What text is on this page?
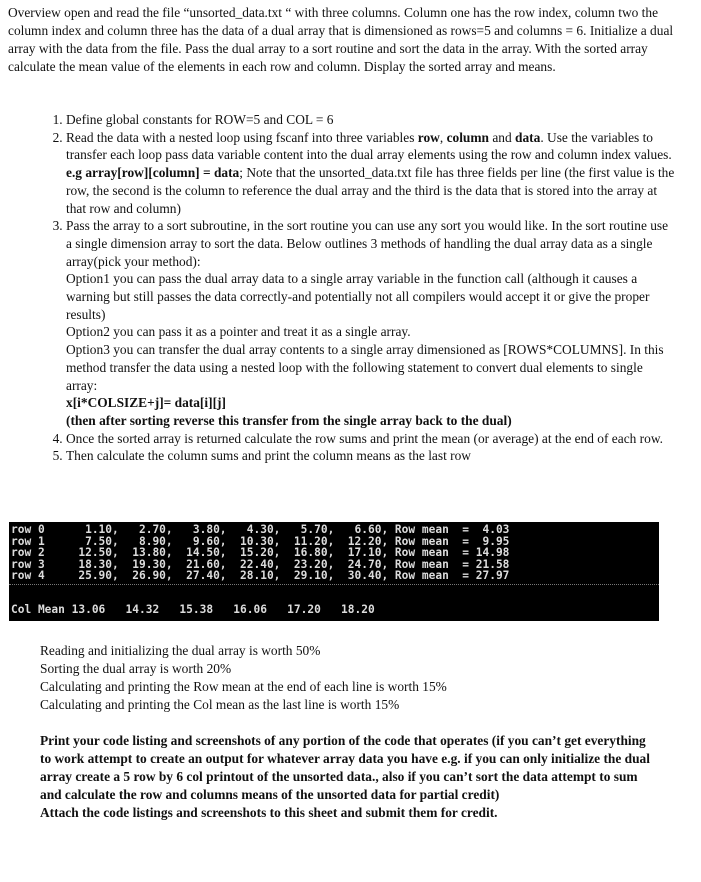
Overview open and read the file “unsorted_data.txt “ with three columns. Column one has the row index, column two the column index and column three has the data of a dual array that is dimensioned as rows=5 and columns = 6. Initialize a dual array with the data from the file. Pass the dual array to a sort routine and sort the data in the array. With the sorted array calculate the mean value of the elements in each row and column. Display the sorted array and means.
1. Define global constants for ROW=5 and COL = 6
2. Read the data with a nested loop using fscanf into three variables row, column and data. Use the variables to transfer each loop pass data variable content into the dual array elements using the row and column index values.
e.g array[row][column] = data; Note that the unsorted_data.txt file has three fields per line (the first value is the row, the second is the column to reference the dual array and the third is the data that is stored into the array at that row and column)
3. Pass the array to a sort subroutine, in the sort routine you can use any sort you would like. In the sort routine use a single dimension array to sort the data. Below outlines 3 methods of handling the dual array data as a single array(pick your method):
Option1 you can pass the dual array data to a single array variable in the function call (although it causes a warning but still passes the data correctly-and potentially not all compilers would accept it or give the proper results)
Option2 you can pass it as a pointer and treat it as a single array.
Option3 you can transfer the dual array contents to a single array dimensioned as [ROWS*COLUMNS]. In this method transfer the data using a nested loop with the following statement to convert dual elements to single array:
x[i*COLSIZE+j]= data[i][j]
(then after sorting reverse this transfer from the single array back to the dual)
4. Once the sorted array is returned calculate the row sums and print the mean (or average) at the end of each row.
5. Then calculate the column sums and print the column means as the last row
row 0      1.10,   2.70,   3.80,   4.30,   5.70,   6.60, Row mean  =  4.03
row 1      7.50,   8.90,   9.60,  10.30,  11.20,  12.20, Row mean  =  9.95
row 2     12.50,  13.80,  14.50,  15.20,  16.80,  17.10, Row mean  = 14.98
row 3     18.30,  19.30,  21.60,  22.40,  23.20,  24.70, Row mean  = 21.58
row 4     25.90,  26.90,  27.40,  28.10,  29.10,  30.40, Row mean  = 27.97
Col Mean 13.06   14.32   15.38   16.06   17.20   18.20
Reading and initializing the dual array is worth 50%
Sorting the dual array is worth 20%
Calculating and printing the Row mean at the end of each line is worth 15%
Calculating and printing the Col mean as the last line is worth 15%

Print your code listing and screenshots of any portion of the code that operates (if you can’t get everything to work attempt to create an output for whatever array data you have e.g. if you can only initialize the dual array create a 5 row by 6 col printout of the unsorted data., also if you can’t sort the data attempt to sum and calculate the row and columns means of the unsorted data for partial credit)

Attach the code listings and screenshots to this sheet and submit them for credit.
